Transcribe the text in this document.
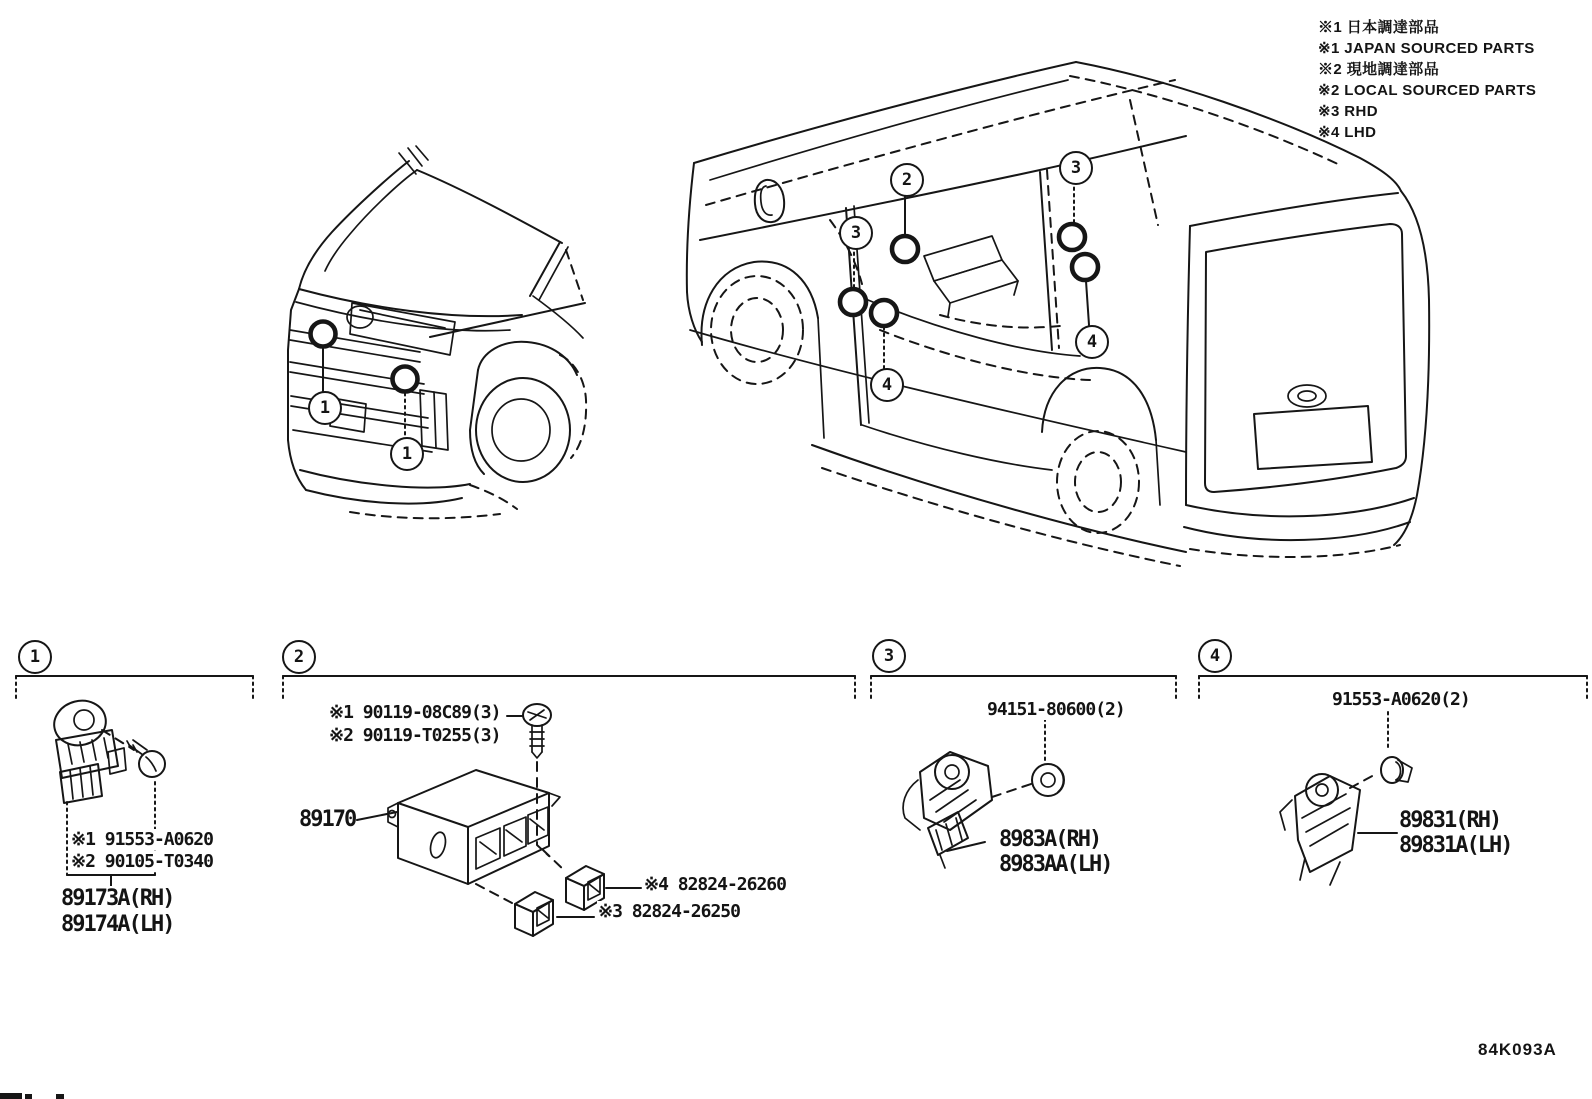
※1 日本調達部品
※1 JAPAN SOURCED PARTS
※2 現地調達部品
※2 LOCAL SOURCED PARTS
※3 RHD
※4 LHD
1
1
2
3
4
3
4
1	2	3	4
※1 91553-A0620
※2 90105-T0340
89173A(RH)
89174A(LH)
※1 90119-08C89(3)
※2 90119-T0255(3)
89170
※4 82824-26260
※3 82824-26250
94151-80600(2)
8983A(RH)
8983AA(LH)
91553-A0620(2)
89831(RH)
89831A(LH)
84K093A
